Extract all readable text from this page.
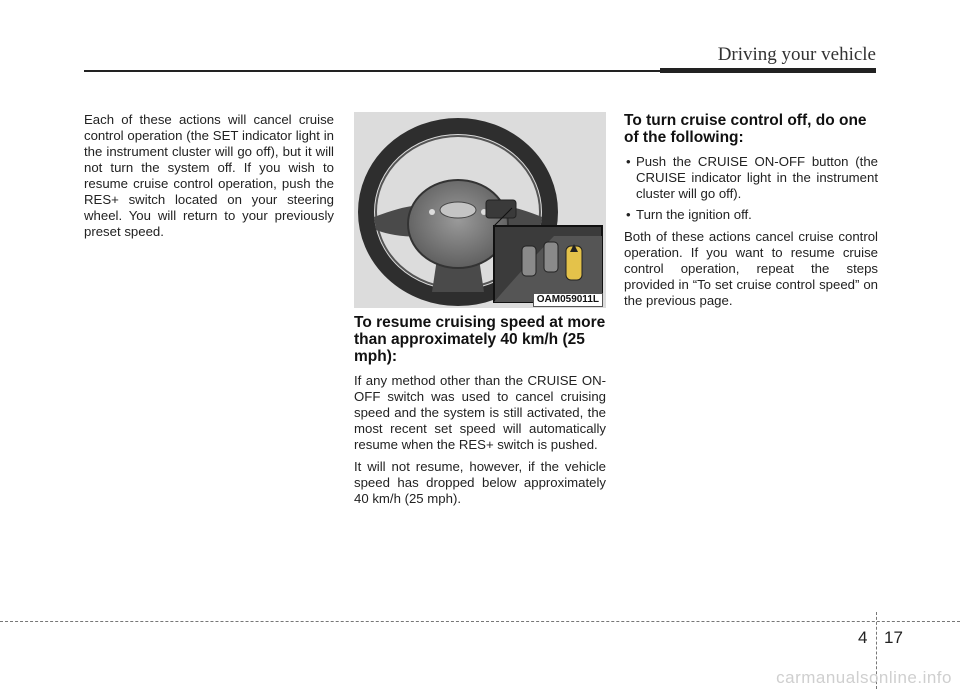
Driving your vehicle

Each of these actions will cancel cruise control operation (the SET indicator light in the instrument cluster will go off), but it will not turn the system off. If you wish to resume cruise control operation, push the RES+ switch located on your steering wheel. You will return to your previously preset speed.

OAM059011L
To resume cruising speed at more than approximately 40 km/h (25 mph):

If any method other than the CRUISE ON-OFF switch was used to cancel cruising speed and the system is still activated, the most recent set speed will automatically resume when the RES+ switch is pushed.

It will not resume, however, if the vehicle speed has dropped below approximately 40 km/h (25 mph).

To turn cruise control off, do one of the following:
• Push the CRUISE ON-OFF button (the CRUISE indicator light in the instrument cluster will go off).
• Turn the ignition off.

Both of these actions cancel cruise control operation. If you want to resume cruise control operation, repeat the steps provided in “To set cruise control speed” on the previous page.

4 17
carmanualsonline.info
